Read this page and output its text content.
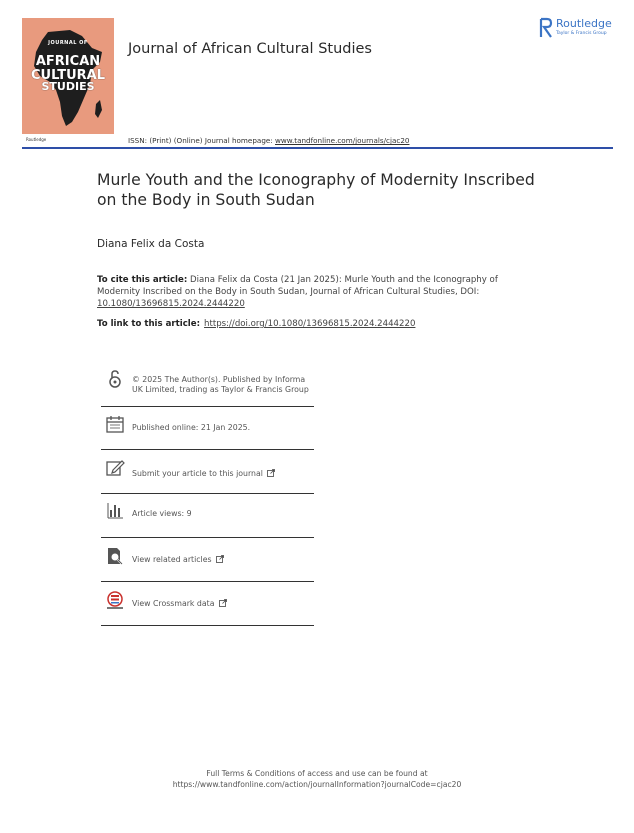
JOURNAL OF
AFRICAN CULTURAL
STUDIES
Routledge
Journal of African Cultural Studies
Routledge
Taylor & Francis Group
ISSN: (Print) (Online) Journal homepage: www.tandfonline.com/journals/cjac20
Murle Youth and the Iconography of Modernity Inscribed on the Body in South Sudan
Diana Felix da Costa
To cite this article: Diana Felix da Costa (21 Jan 2025): Murle Youth and the Iconography of Modernity Inscribed on the Body in South Sudan, Journal of African Cultural Studies, DOI: 10.1080/13696815.2024.2444220
To link to this article: https://doi.org/10.1080/13696815.2024.2444220
© 2025 The Author(s). Published by Informa UK Limited, trading as Taylor & Francis Group
Published online: 21 Jan 2025.
Submit your article to this journal
Article views: 9
View related articles
View Crossmark data
Full Terms & Conditions of access and use can be found at
https://www.tandfonline.com/action/journalInformation?journalCode=cjac20
